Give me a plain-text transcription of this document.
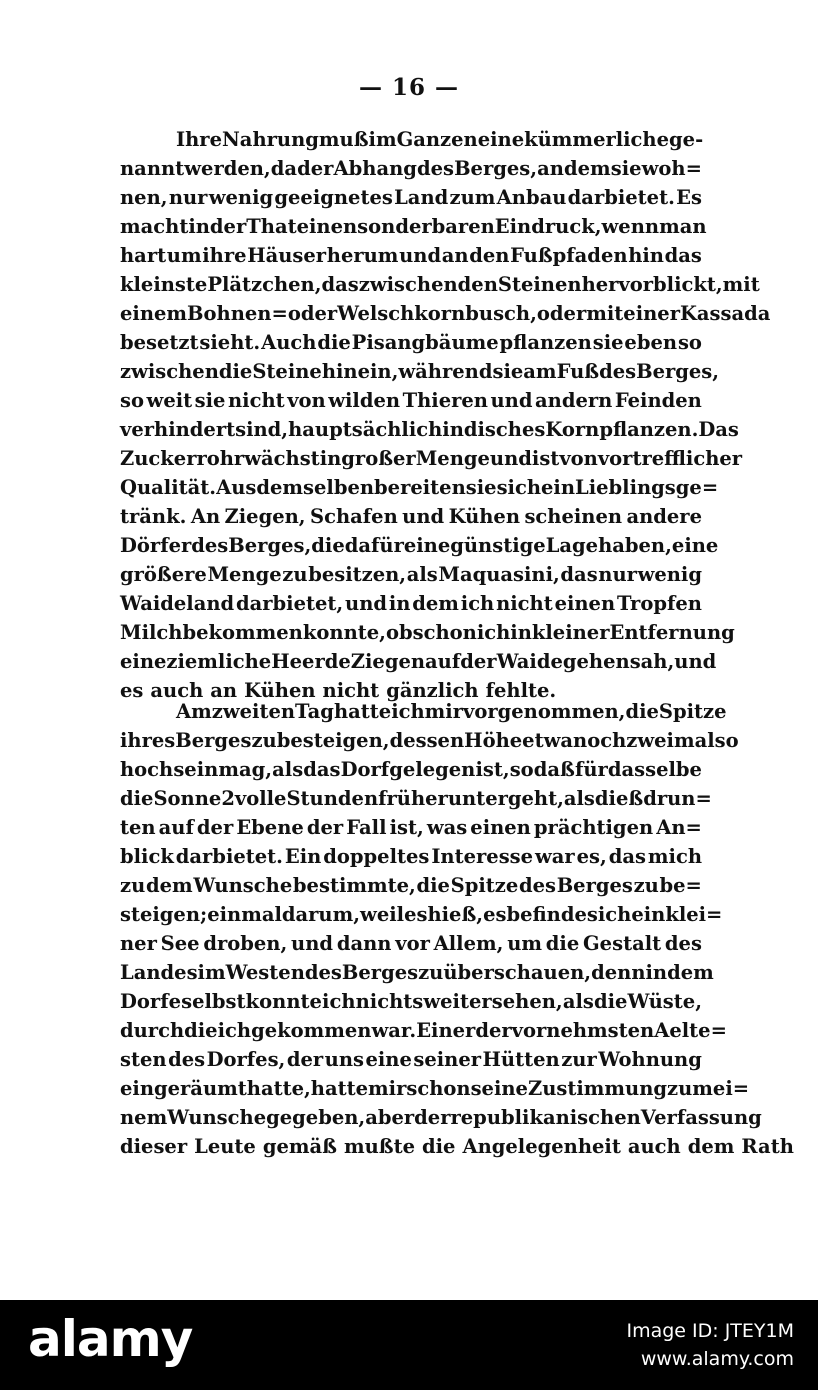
— 16 —
Ihre Nahrung muß im Ganzen eine kümmerliche ge-
nannt werden, da der Abhang des Berges, an dem sie woh=
nen, nur wenig geeignetes Land zum Anbau darbietet. Es
macht in der That einen sonderbaren Eindruck, wenn man
hart um ihre Häuser herum und an den Fußpfaden hin das
kleinste Plätzchen, das zwischen den Steinen hervorblickt, mit
einem Bohnen= oder Welschkornbusch, oder mit einer Kassada
besetzt sieht. Auch die Pisangbäume pflanzen sie eben so
zwischen die Steine hinein, während sie am Fuß des Berges,
so weit sie nicht von wilden Thieren und andern Feinden
verhindert sind, hauptsächlich indisches Korn pflanzen. Das
Zuckerrohr wächst in großer Menge und ist von vortrefflicher
Qualität. Aus demselben bereiten sie sich ein Lieblingsge=
tränk. An Ziegen, Schafen und Kühen scheinen andere
Dörfer des Berges, die dafür eine günstige Lage haben, eine
größere Menge zu besitzen, als Maquasini, das nur wenig
Waideland darbietet, und in dem ich nicht einen Tropfen
Milch bekommen konnte, obschon ich in kleiner Entfernung
eine ziemliche Heerde Ziegen auf der Waide gehen sah, und
es auch an Kühen nicht gänzlich fehlte.
Am zweiten Tag hatte ich mir vorgenommen, die Spitze
ihres Berges zu besteigen, dessen Höhe etwa noch zweimal so
hoch sein mag, als das Dorf gelegen ist, so daß für dasselbe
die Sonne 2 volle Stunden früher untergeht, als dieß drun=
ten auf der Ebene der Fall ist, was einen prächtigen An=
blick darbietet. Ein doppeltes Interesse war es, das mich
zu dem Wunsche bestimmte, die Spitze des Berges zu be=
steigen; einmal darum, weil es hieß, es befinde sich ein klei=
ner See droben, und dann vor Allem, um die Gestalt des
Landes im Westen des Berges zu überschauen, denn in dem
Dorfe selbst konnte ich nichts weiter sehen, als die Wüste,
durch die ich gekommen war. Einer der vornehmsten Aelte=
sten des Dorfes, der uns eine seiner Hütten zur Wohnung
eingeräumt hatte, hatte mir schon seine Zustimmung zu mei=
nem Wunsche gegeben, aber der republikanischen Verfassung
dieser Leute gemäß mußte die Angelegenheit auch dem Rath
alamy	Image ID: JTEY1M
www.alamy.com
